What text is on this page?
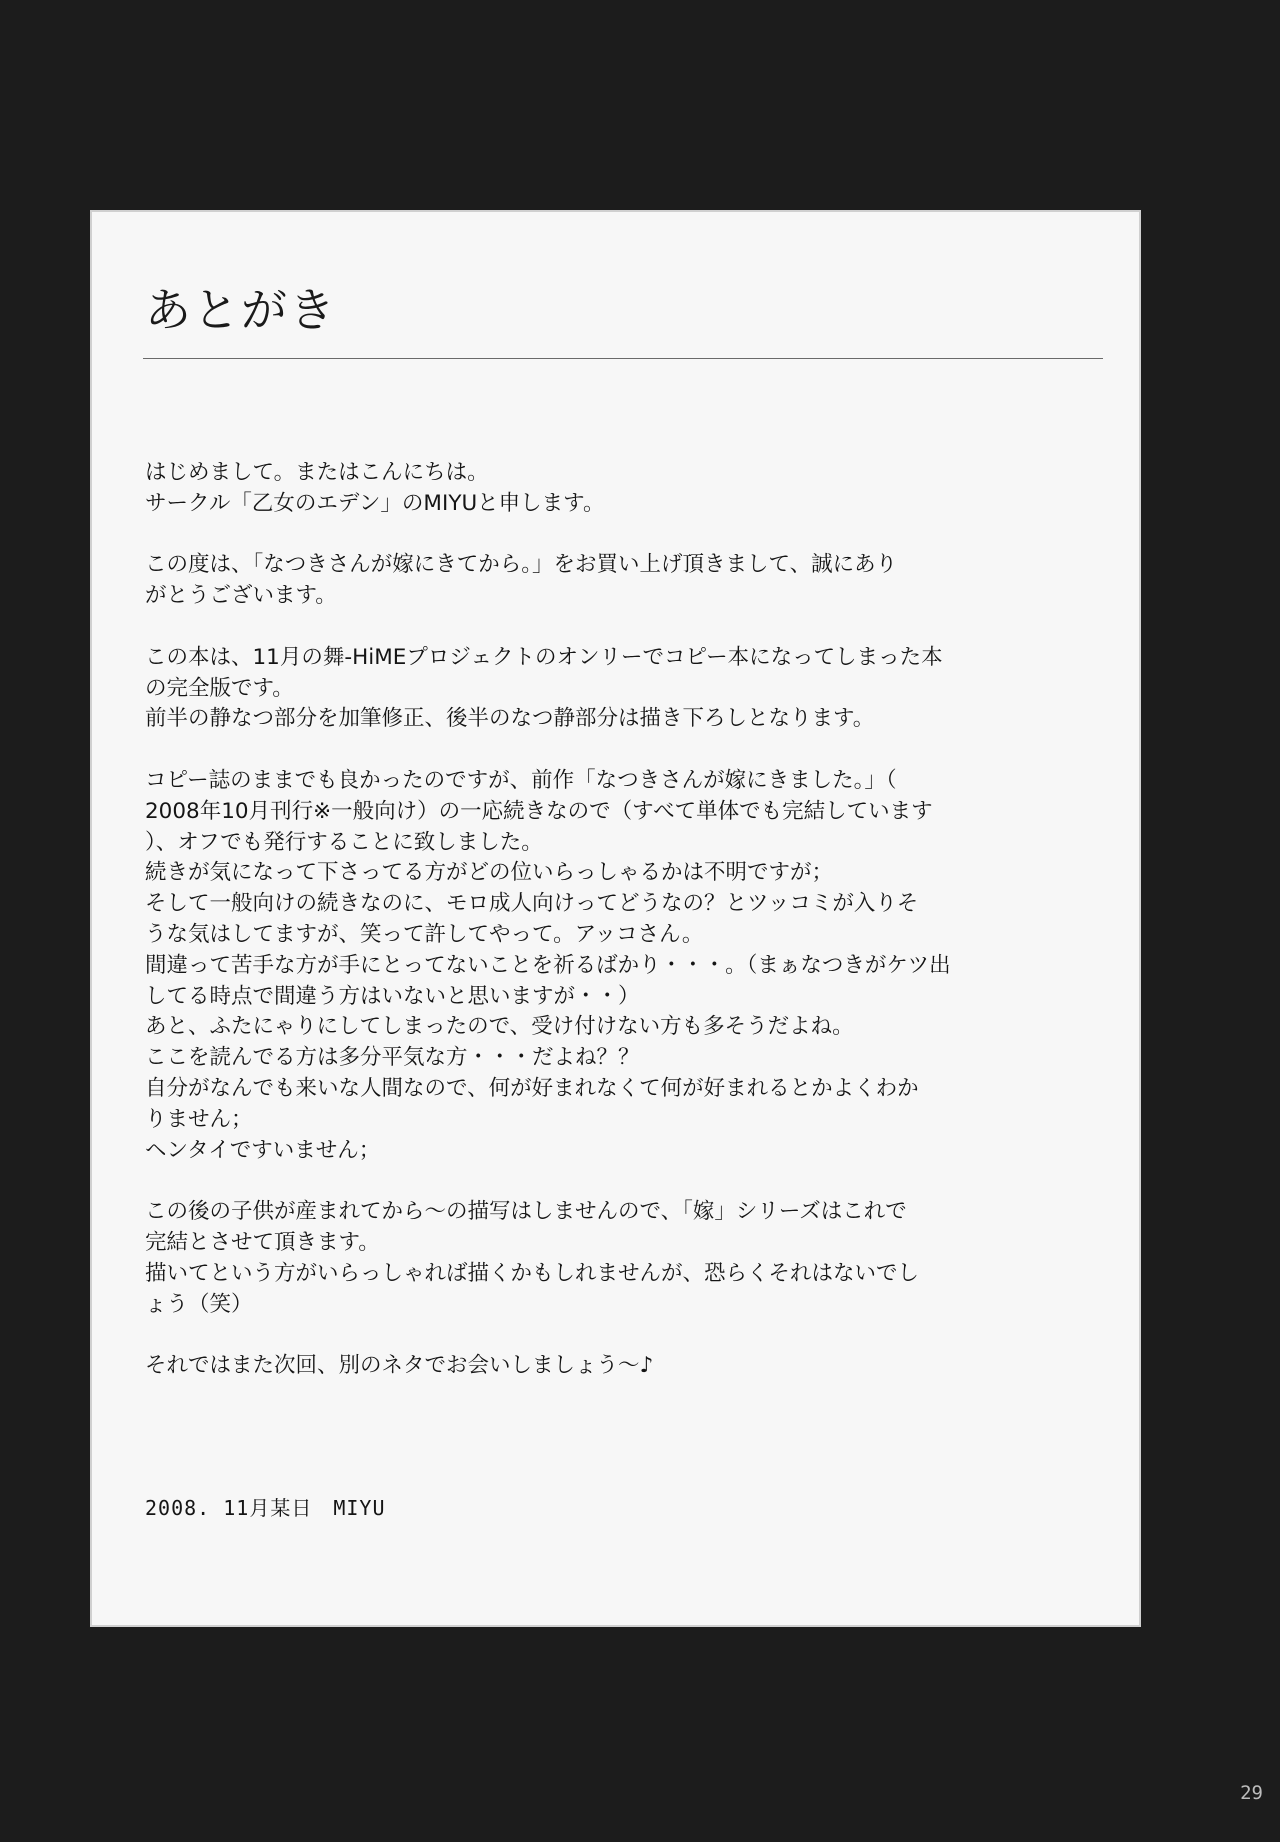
あとがき
はじめまして。またはこんにちは。
サークル「乙女のエデン」のMIYUと申します。
この度は、「なつきさんが嫁にきてから。」をお買い上げ頂きまして、誠にあり
がとうございます。
この本は、11月の舞-HiMEプロジェクトのオンリーでコピー本になってしまった本
の完全版です。
前半の静なつ部分を加筆修正、後半のなつ静部分は描き下ろしとなります。
コピー誌のままでも良かったのですが、前作「なつきさんが嫁にきました。」（
2008年10月刊行※一般向け）の一応続きなので（すべて単体でも完結しています
）、オフでも発行することに致しました。
続きが気になって下さってる方がどの位いらっしゃるかは不明ですが；
そして一般向けの続きなのに、モロ成人向けってどうなの？とツッコミが入りそ
うな気はしてますが、笑って許してやって。アッコさん。
間違って苦手な方が手にとってないことを祈るばかり・・・。（まぁなつきがケツ出
してる時点で間違う方はいないと思いますが・・）
あと、ふたにゃりにしてしまったので、受け付けない方も多そうだよね。
ここを読んでる方は多分平気な方・・・だよね？？
自分がなんでも来いな人間なので、何が好まれなくて何が好まれるとかよくわか
りません；
ヘンタイですいません；
この後の子供が産まれてから～の描写はしませんので、「嫁」シリーズはこれで
完結とさせて頂きます。
描いてという方がいらっしゃれば描くかもしれませんが、恐らくそれはないでし
ょう（笑）
それではまた次回、別のネタでお会いしましょう～♪
2008. 11月某日　MIYU
29
